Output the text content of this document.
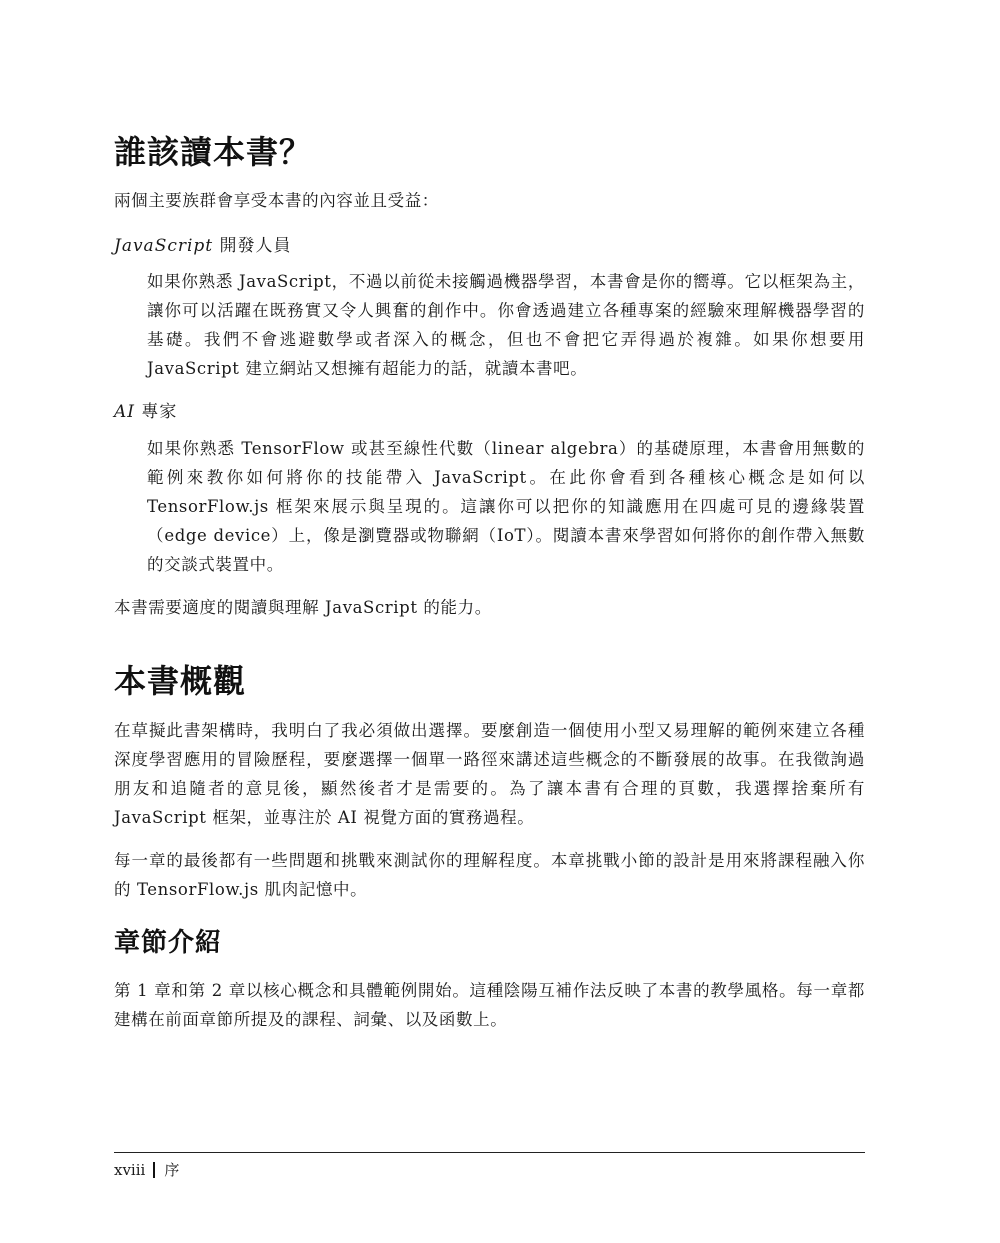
誰該讀本書？

兩個主要族群會享受本書的內容並且受益：

JavaScript 開發人員

如果你熟悉 JavaScript，不過以前從未接觸過機器學習，本書會是你的嚮導。它以框架為主，讓你可以活躍在既務實又令人興奮的創作中。你會透過建立各種專案的經驗來理解機器學習的基礎。我們不會逃避數學或者深入的概念，但也不會把它弄得過於複雜。如果你想要用 JavaScript 建立網站又想擁有超能力的話，就讀本書吧。

AI 專家

如果你熟悉 TensorFlow 或甚至線性代數（linear algebra）的基礎原理，本書會用無數的範例來教你如何將你的技能帶入 JavaScript。在此你會看到各種核心概念是如何以 TensorFlow.js 框架來展示與呈現的。這讓你可以把你的知識應用在四處可見的邊緣裝置（edge device）上，像是瀏覽器或物聯網（IoT）。閱讀本書來學習如何將你的創作帶入無數的交談式裝置中。

本書需要適度的閱讀與理解 JavaScript 的能力。

本書概觀

在草擬此書架構時，我明白了我必須做出選擇。要麼創造一個使用小型又易理解的範例來建立各種深度學習應用的冒險歷程，要麼選擇一個單一路徑來講述這些概念的不斷發展的故事。在我徵詢過朋友和追隨者的意見後，顯然後者才是需要的。為了讓本書有合理的頁數，我選擇捨棄所有 JavaScript 框架，並專注於 AI 視覺方面的實務過程。

每一章的最後都有一些問題和挑戰來測試你的理解程度。本章挑戰小節的設計是用來將課程融入你的 TensorFlow.js 肌肉記憶中。

章節介紹

第 1 章和第 2 章以核心概念和具體範例開始。這種陰陽互補作法反映了本書的教學風格。每一章都建構在前面章節所提及的課程、詞彙、以及函數上。

xviii 序
